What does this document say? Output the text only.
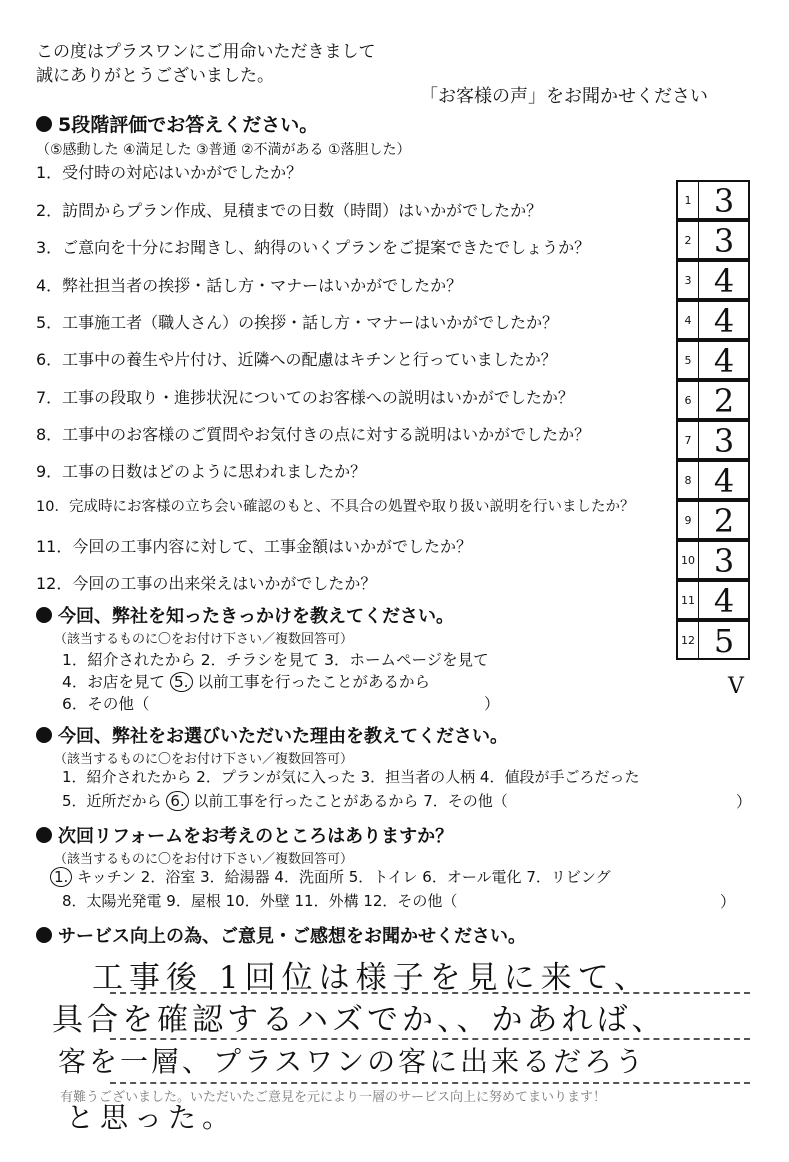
この度はプラスワンにご用命いただきまして
誠にありがとうございました。
「お客様の声」をお聞かせください
5段階評価でお答えください。
（⑤感動した ④満足した ③普通 ②不満がある ①落胆した）
1．受付時の対応はいかがでしたか？
2．訪問からプラン作成、見積までの日数（時間）はいかがでしたか？
3．ご意向を十分にお聞きし、納得のいくプランをご提案できたでしょうか？
4．弊社担当者の挨拶・話し方・マナーはいかがでしたか？
5．工事施工者（職人さん）の挨拶・話し方・マナーはいかがでしたか？
6．工事中の養生や片付け、近隣への配慮はキチンと行っていましたか？
7．工事の段取り・進捗状況についてのお客様への説明はいかがでしたか？
8．工事中のお客様のご質問やお気付きの点に対する説明はいかがでしたか？
9．工事の日数はどのように思われましたか？
10．完成時にお客様の立ち会い確認のもと、不具合の処置や取り扱い説明を行いましたか？
11．今回の工事内容に対して、工事金額はいかがでしたか？
12．今回の工事の出来栄えはいかがでしたか？
1 3
2 3
3 4
4 4
5 4
6 2
7 3
8 4
9 2
10 3
11 4
12 5
今回、弊社を知ったきっかけを教えてください。
（該当するものに〇をお付け下さい／複数回答可）
1．紹介されたから 2．チラシを見て 3．ホームページを見て
4．お店を見て 5. 以前工事を行ったことがあるから
6．その他（	）
V
今回、弊社をお選びいただいた理由を教えてください。
（該当するものに〇をお付け下さい／複数回答可）
1．紹介されたから 2．プランが気に入った 3．担当者の人柄 4．値段が手ごろだった
5．近所だから 6. 以前工事を行ったことがあるから 7．その他（	）
次回リフォームをお考えのところはありますか？
（該当するものに〇をお付け下さい／複数回答可）
1. キッチン 2．浴室 3．給湯器 4．洗面所 5．トイレ 6．オール電化 7．リビング
8．太陽光発電 9．屋根 10．外壁 11．外構 12．その他（	）
サービス向上の為、ご意見・ご感想をお聞かせください。
工事後 1回位は様子を見に来て、
具合を確認するハズでか、、かあれば、
客を一層、プラスワンの客に出来るだろう
有難うございました。いただいたご意見を元により一層のサービス向上に努めてまいります！
と思った。
